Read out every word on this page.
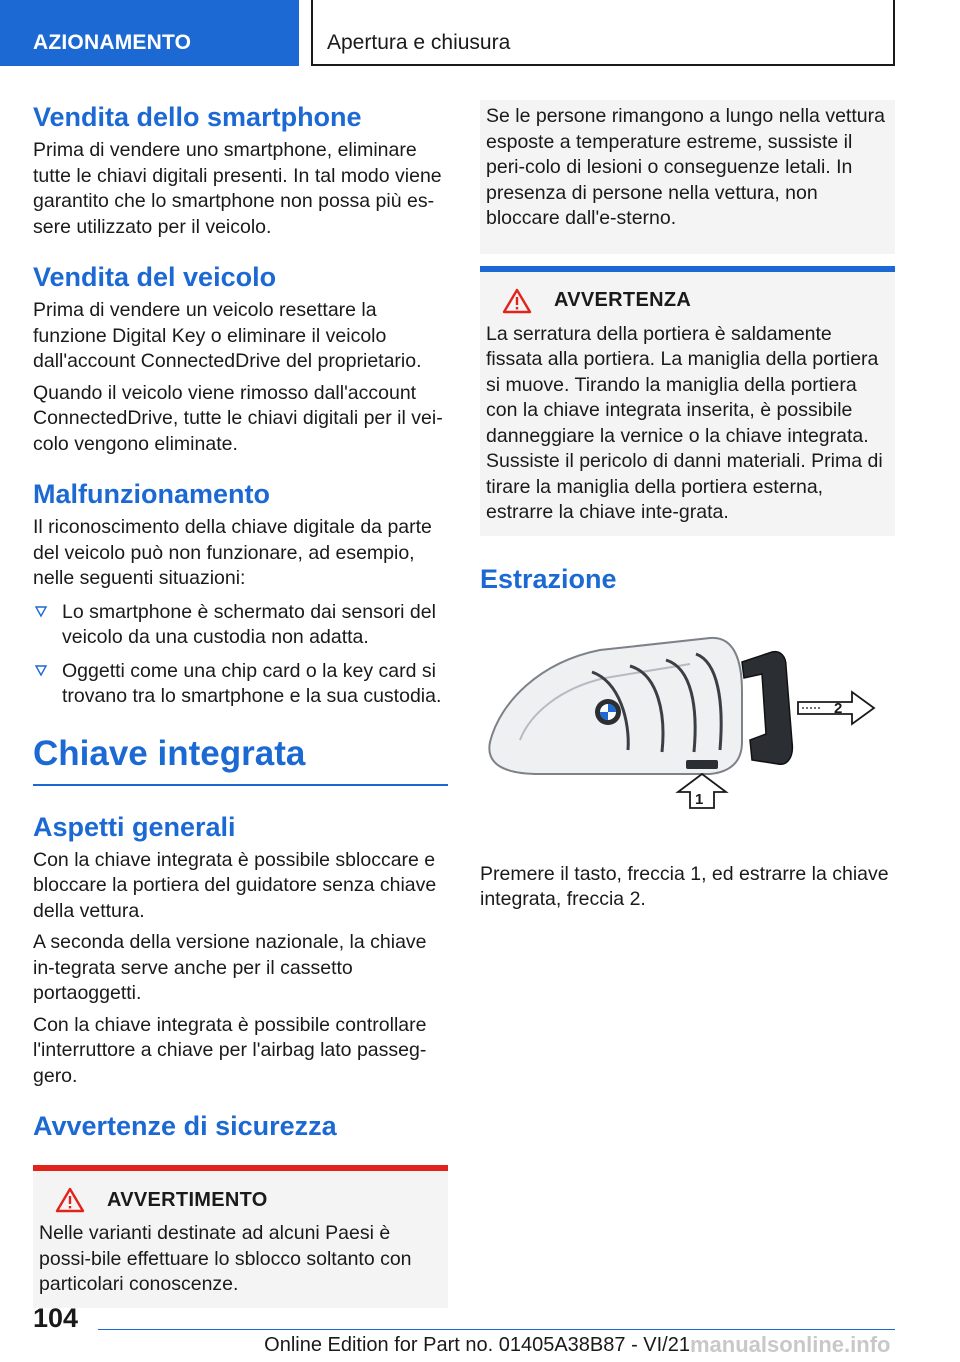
AZIONAMENTO	Apertura e chiusura
Vendita dello smartphone

Prima di vendere uno smartphone, eliminare tutte le chiavi digitali presenti. In tal modo viene garantito che lo smartphone non possa più es-sere utilizzato per il veicolo.

Vendita del veicolo

Prima di vendere un veicolo resettare la funzione Digital Key o eliminare il veicolo dall'account ConnectedDrive del proprietario.

Quando il veicolo viene rimosso dall'account ConnectedDrive, tutte le chiavi digitali per il vei-colo vengono eliminate.

Malfunzionamento

Il riconoscimento della chiave digitale da parte del veicolo può non funzionare, ad esempio, nelle seguenti situazioni:

Lo smartphone è schermato dai sensori del veicolo da una custodia non adatta.
Oggetti come una chip card o la key card si trovano tra lo smartphone e la sua custodia.
Chiave integrata
Aspetti generali

Con la chiave integrata è possibile sbloccare e bloccare la portiera del guidatore senza chiave della vettura.

A seconda della versione nazionale, la chiave in-tegrata serve anche per il cassetto portaoggetti.

Con la chiave integrata è possibile controllare l'interruttore a chiave per l'airbag lato passeg-gero.

Avvertenze di sicurezza
AVVERTIMENTO

Nelle varianti destinate ad alcuni Paesi è possi-bile effettuare lo sblocco soltanto con particolari conoscenze.

Se le persone rimangono a lungo nella vettura esposte a temperature estreme, sussiste il peri-colo di lesioni o conseguenze letali. In presenza di persone nella vettura, non bloccare dall'e-sterno.

AVVERTENZA

La serratura della portiera è saldamente fissata alla portiera. La maniglia della portiera si muove. Tirando la maniglia della portiera con la chiave integrata inserita, è possibile danneggiare la vernice o la chiave integrata. Sussiste il pericolo di danni materiali. Prima di tirare la maniglia della portiera esterna, estrarre la chiave inte-grata.

Estrazione
2
1

Premere il tasto, freccia 1, ed estrarre la chiave integrata, freccia 2.

104
manualsonline.info
Online Edition for Part no. 01405A38B87 - VI/21
